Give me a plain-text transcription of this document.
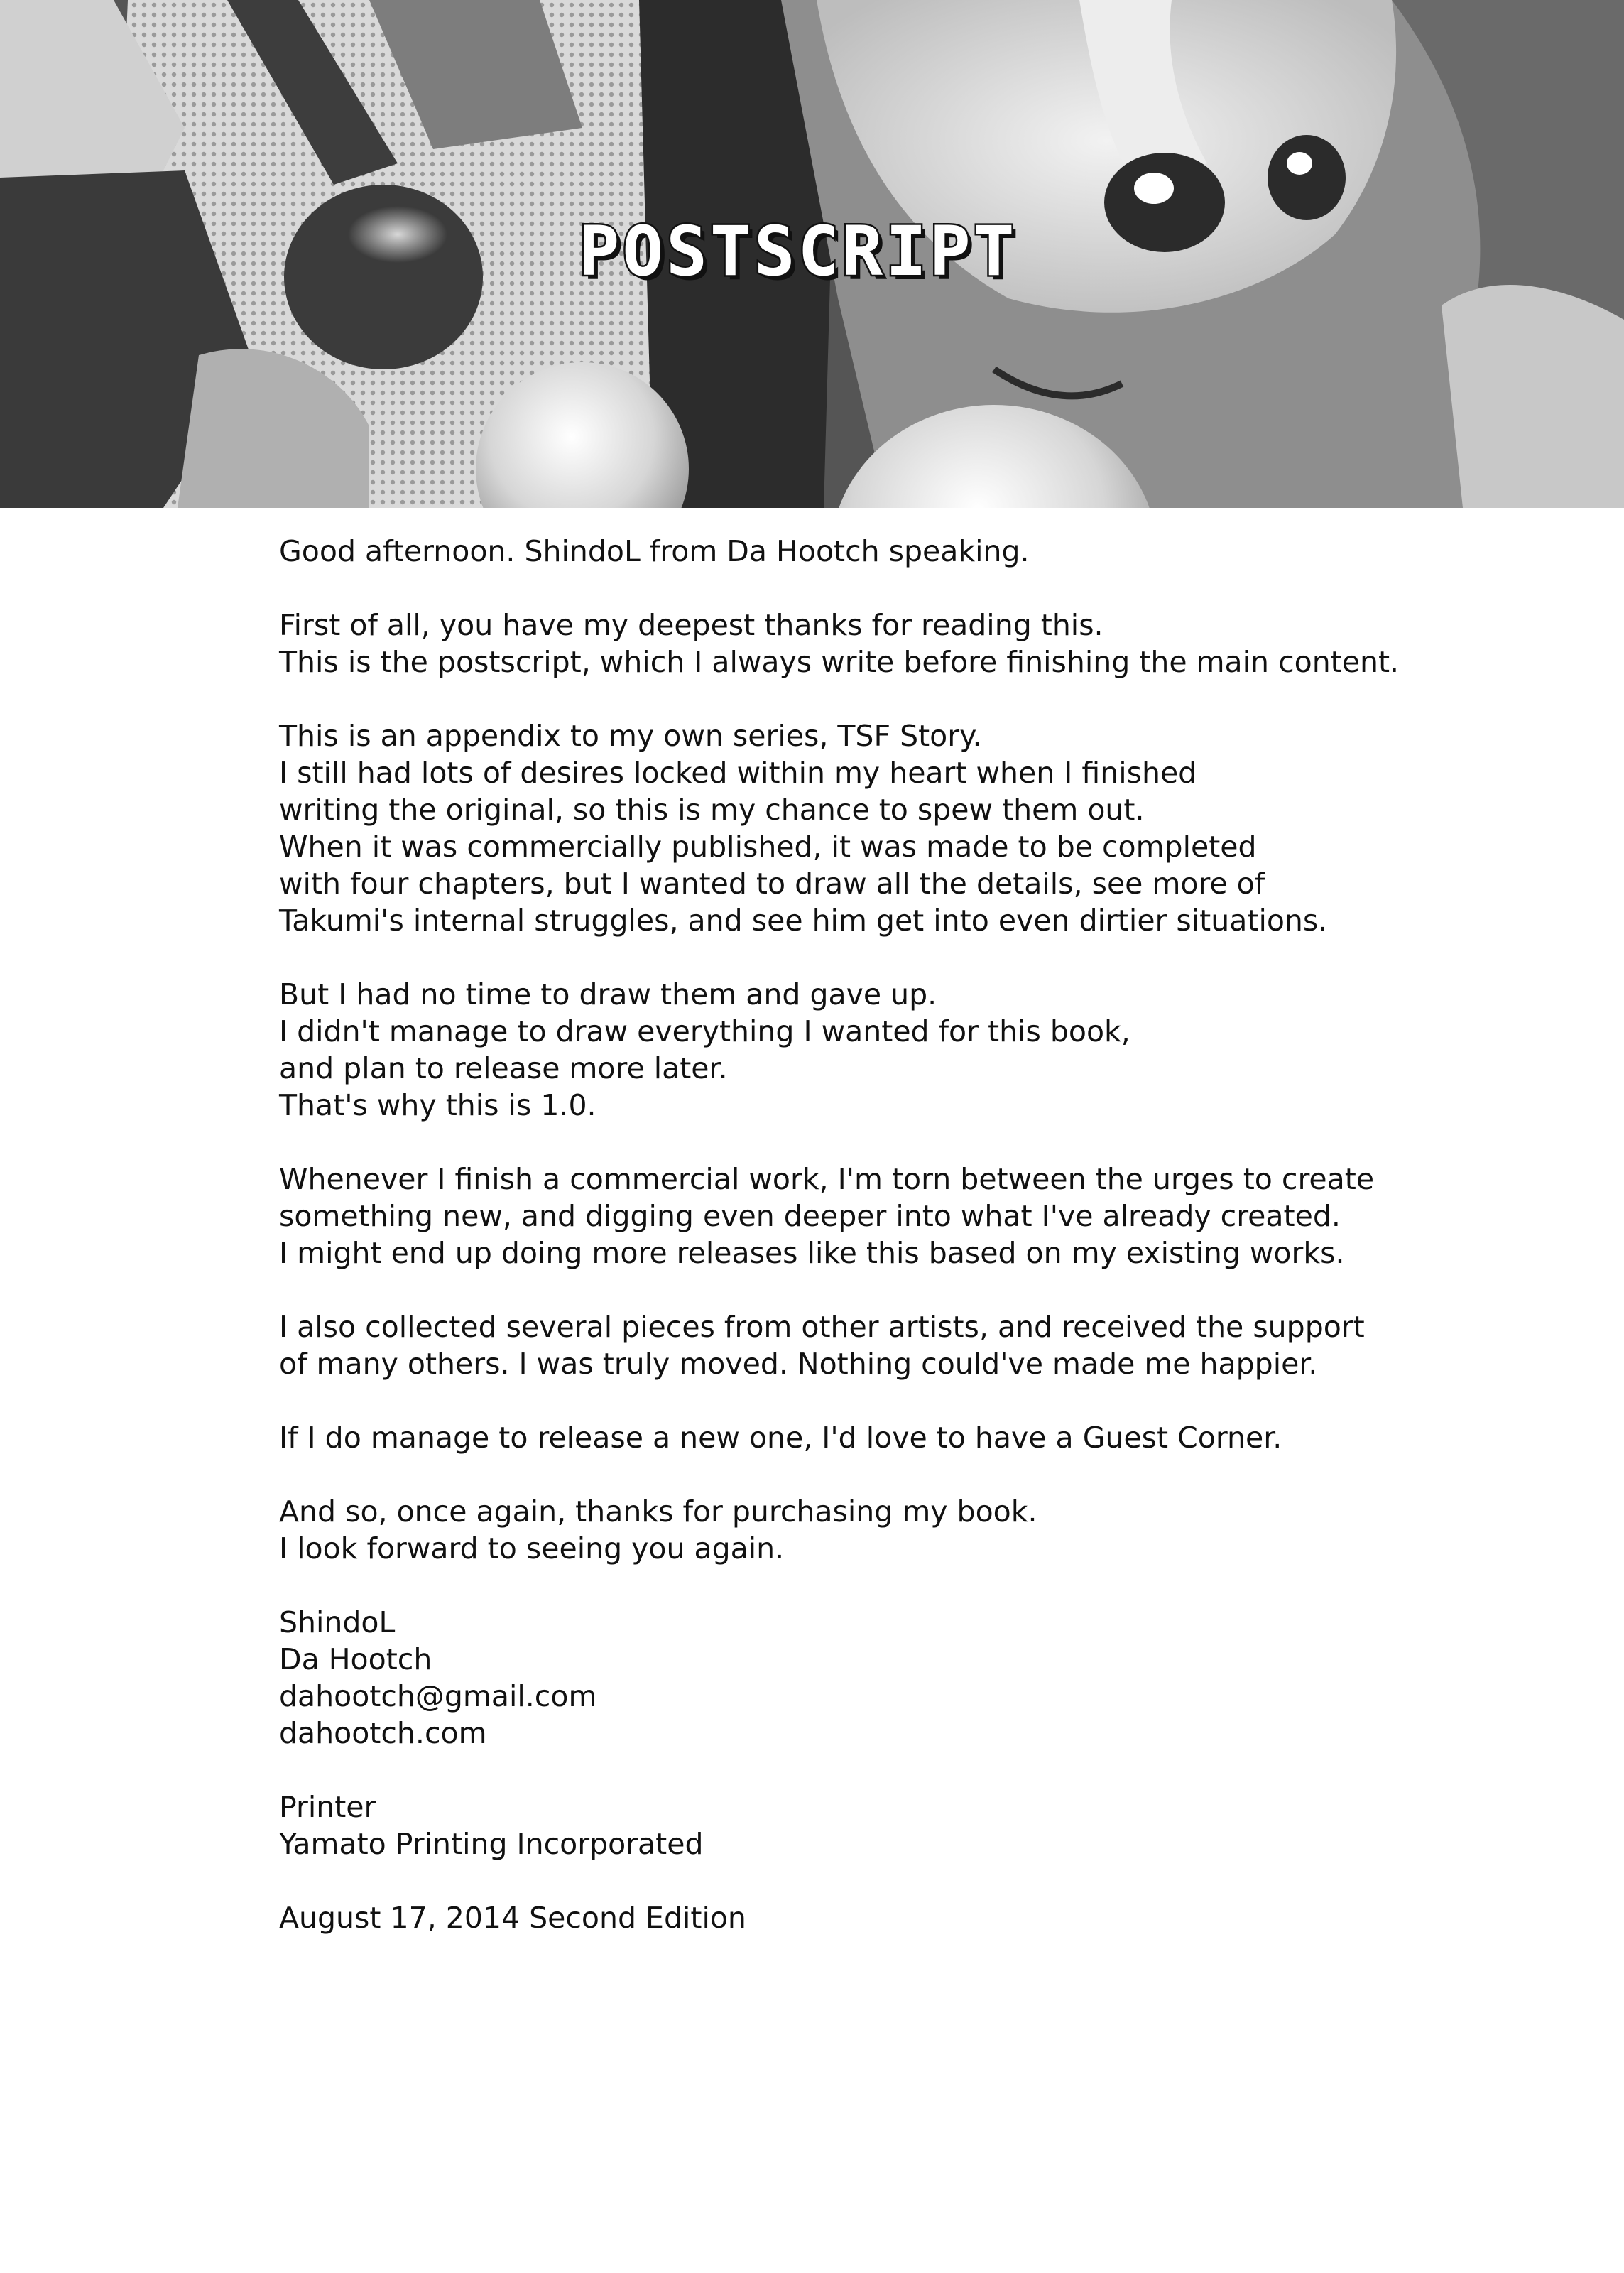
POSTSCRIPT
Good afternoon. ShindoL from Da Hootch speaking.
First of all, you have my deepest thanks for reading this.
This is the postscript, which I always write before finishing the main content.
This is an appendix to my own series, TSF Story.
I still had lots of desires locked within my heart when I finished
writing the original, so this is my chance to spew them out.
When it was commercially published, it was made to be completed
with four chapters, but I wanted to draw all the details, see more of
Takumi's internal struggles, and see him get into even dirtier situations.
But I had no time to draw them and gave up.
I didn't manage to draw everything I wanted for this book,
and plan to release more later.
That's why this is 1.0.
Whenever I finish a commercial work, I'm torn between the urges to create
something new, and digging even deeper into what I've already created.
I might end up doing more releases like this based on my existing works.
I also collected several pieces from other artists, and received the support
of many others. I was truly moved. Nothing could've made me happier.
If I do manage to release a new one, I'd love to have a Guest Corner.
And so, once again, thanks for purchasing my book.
I look forward to seeing you again.
ShindoL
Da Hootch
dahootch@gmail.com
dahootch.com
Printer
Yamato Printing Incorporated
August 17, 2014 Second Edition
